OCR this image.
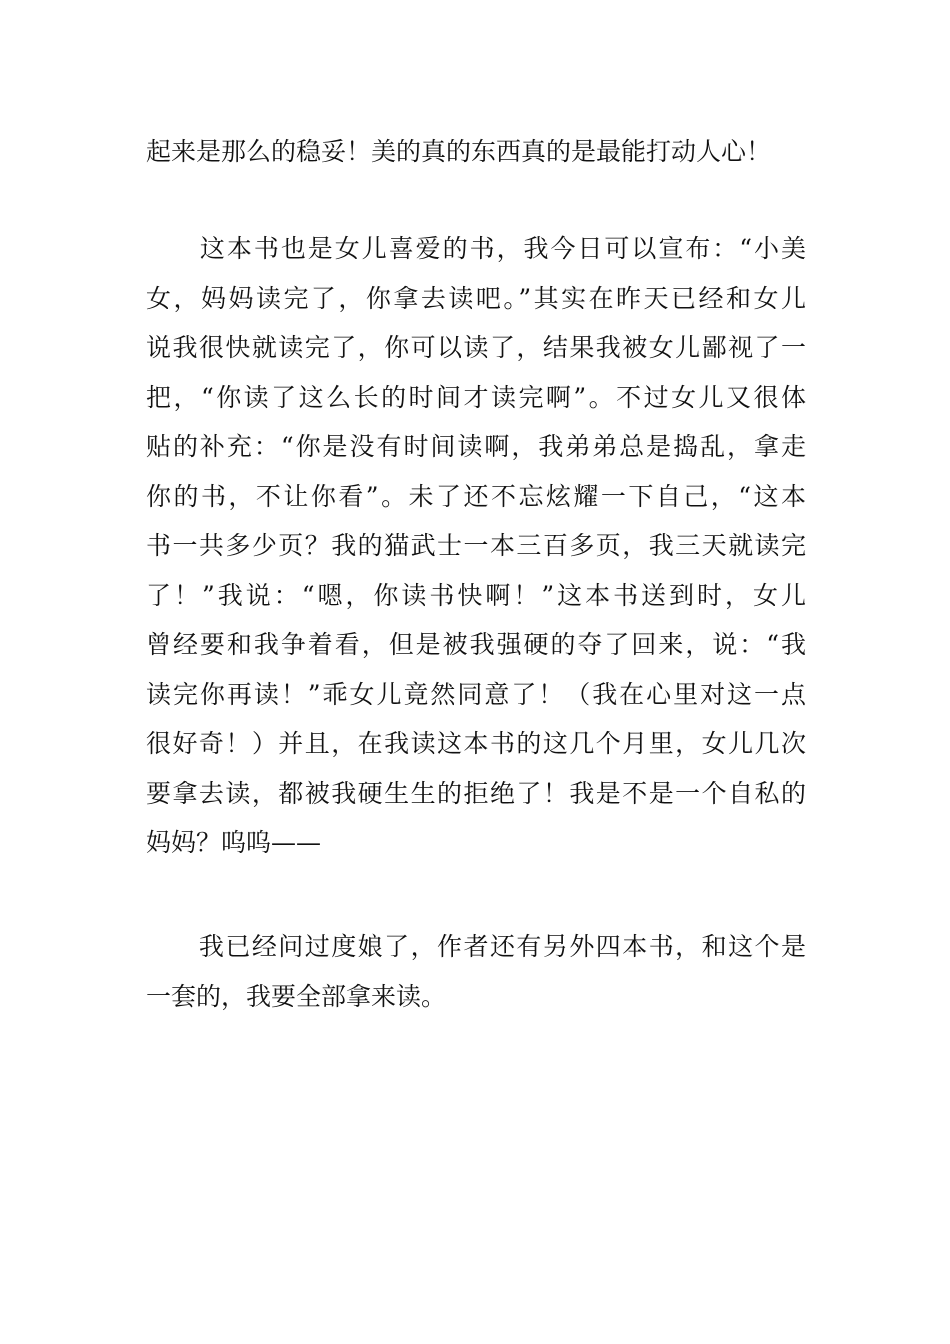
起来是那么的稳妥！美的真的东西真的是最能打动人心！
　　这本书也是女儿喜爱的书，我今日可以宣布：“小美
女，妈妈读完了，你拿去读吧。”其实在昨天已经和女儿
说我很快就读完了，你可以读了，结果我被女儿鄙视了一
把，“你读了这么长的时间才读完啊”。不过女儿又很体
贴的补充：“你是没有时间读啊，我弟弟总是捣乱，拿走
你的书，不让你看”。未了还不忘炫耀一下自己，“这本
书一共多少页？我的猫武士一本三百多页，我三天就读完
了！”我说：“嗯，你读书快啊！”这本书送到时，女儿
曾经要和我争着看，但是被我强硬的夺了回来，说：“我
读完你再读！”乖女儿竟然同意了！（我在心里对这一点
很好奇！）并且，在我读这本书的这几个月里，女儿几次
要拿去读，都被我硬生生的拒绝了！我是不是一个自私的
妈妈？呜呜——
　　我已经问过度娘了，作者还有另外四本书，和这个是
一套的，我要全部拿来读。
